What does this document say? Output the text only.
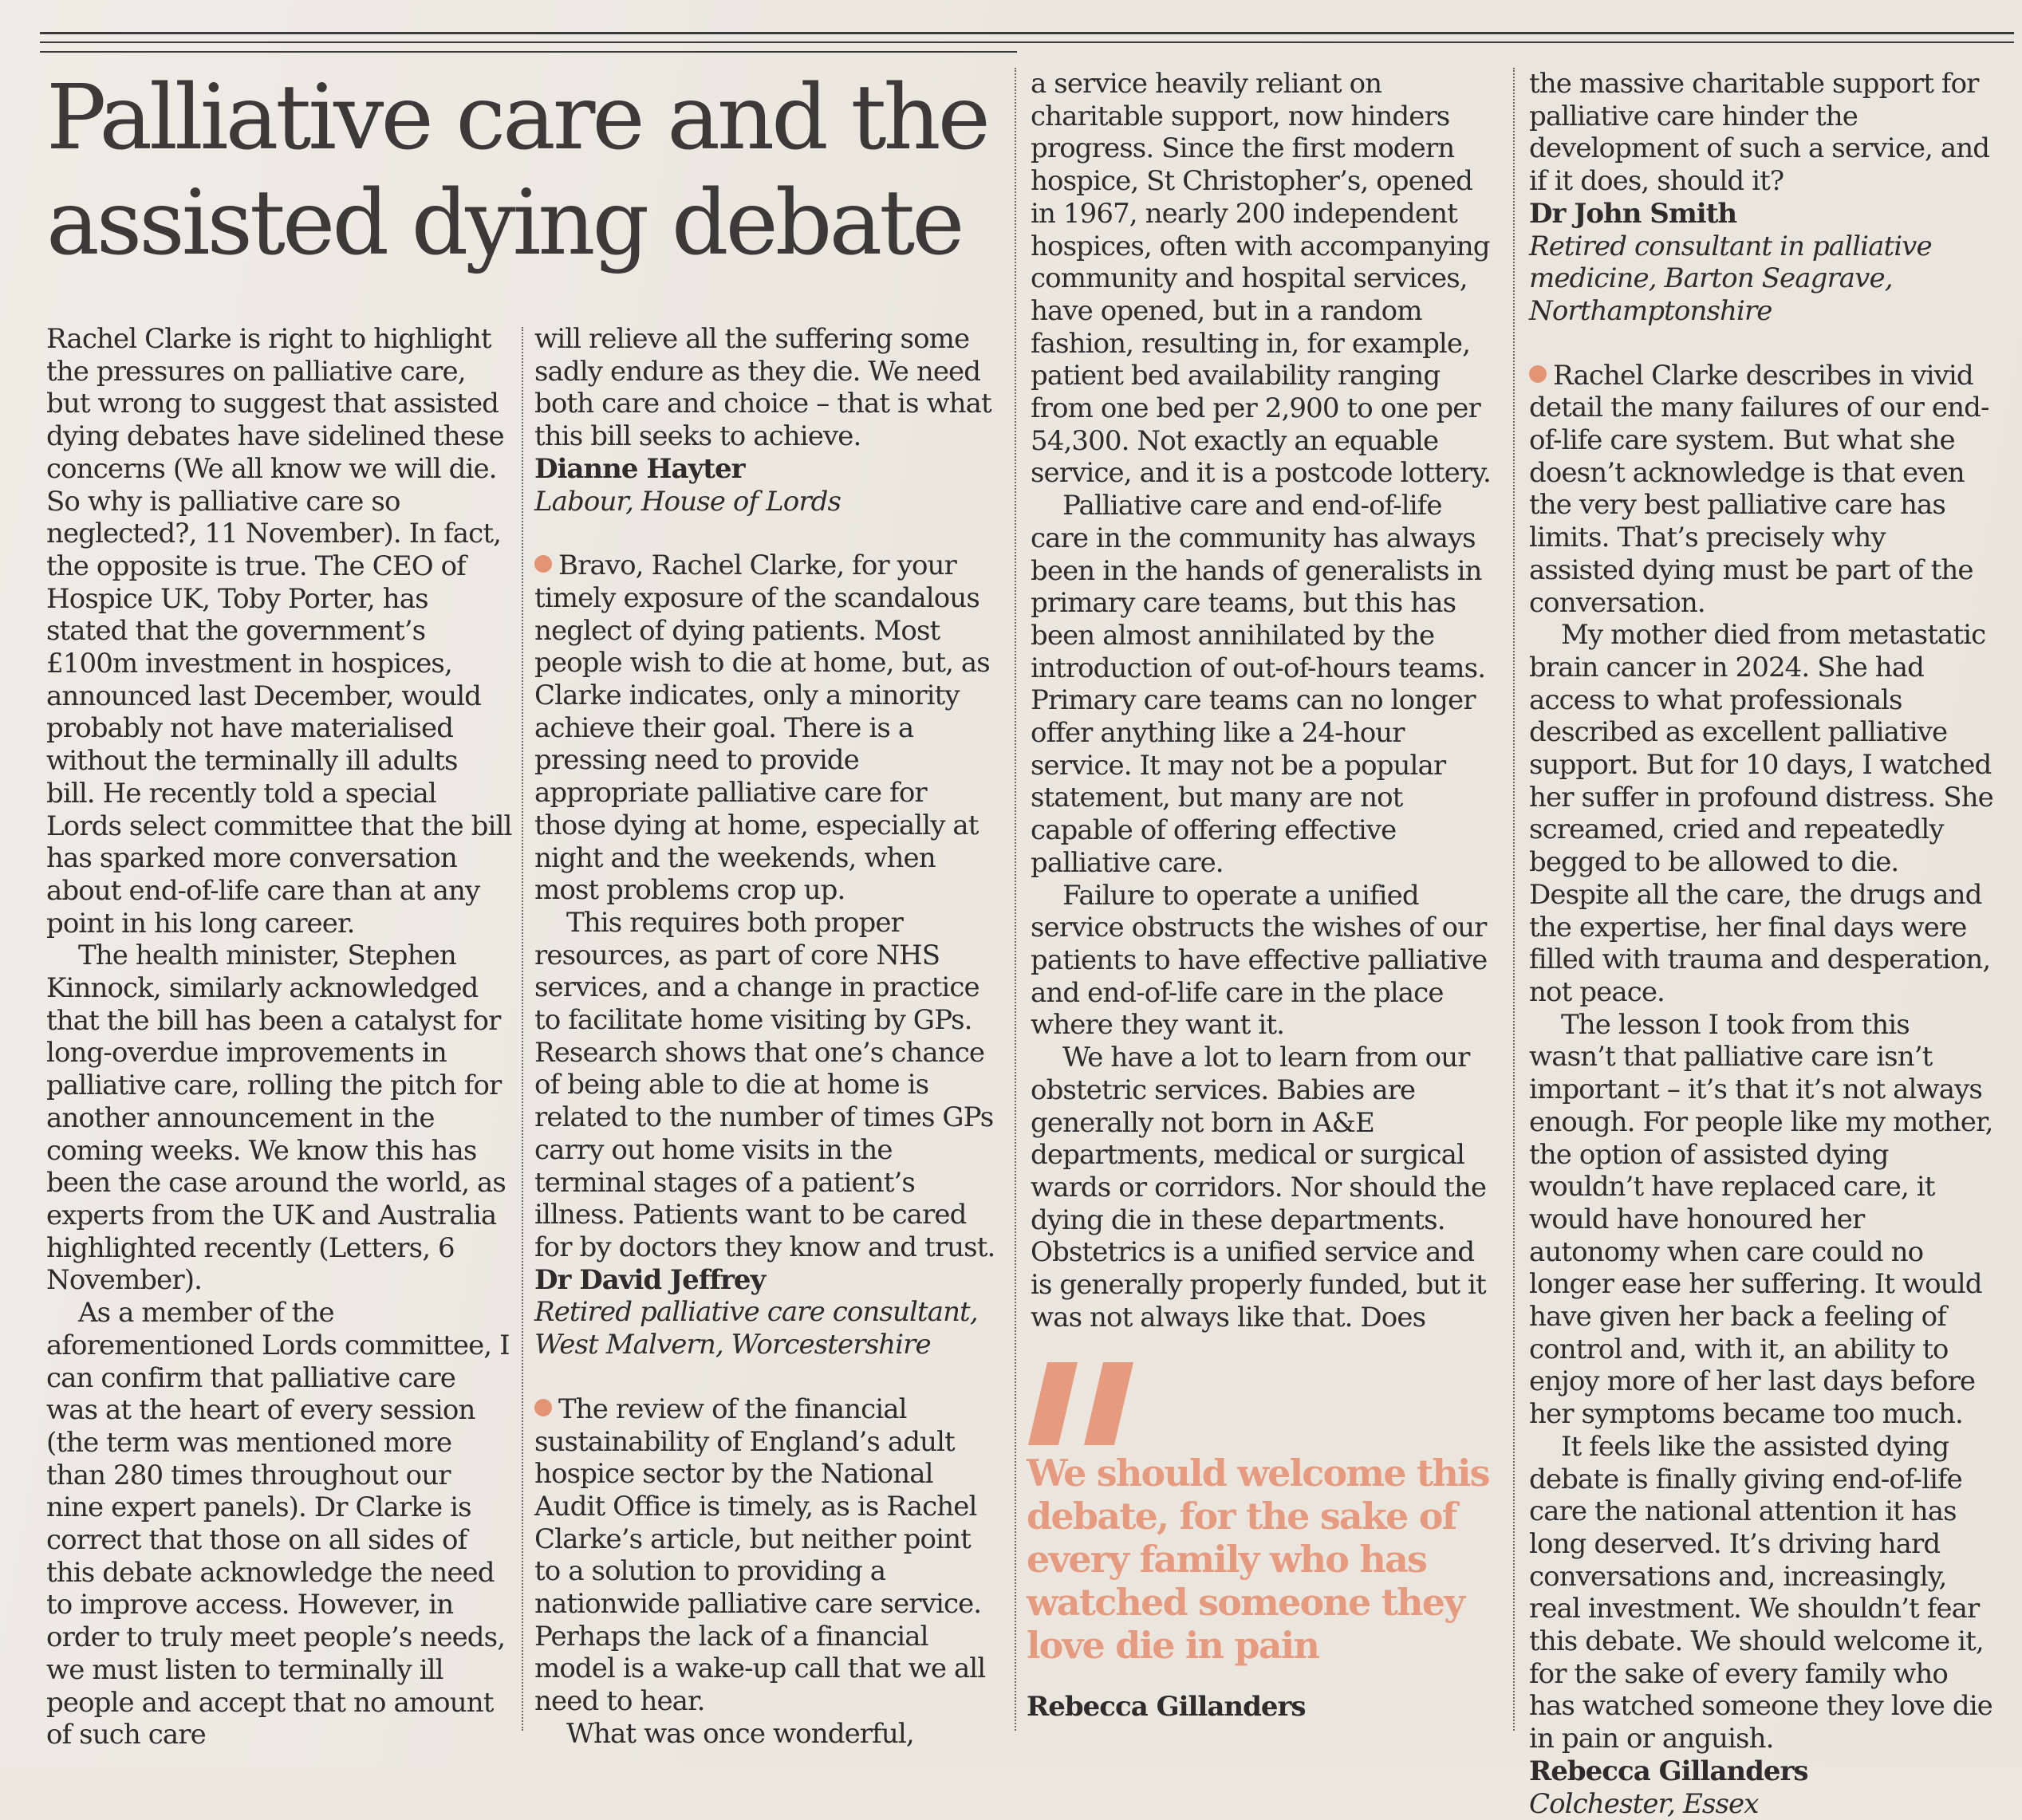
Palliative care and the assisted dying debate

Rachel Clarke is right to highlight the pressures on palliative care, but wrong to suggest that assisted dying debates have sidelined these concerns (We all know we will die. So why is palliative care so neglected?, 11 November). In fact, the opposite is true. The CEO of Hospice UK, Toby Porter, has stated that the government’s £100m investment in hospices, announced last December, would probably not have materialised without the terminally ill adults bill. He recently told a special Lords select committee that the bill has sparked more conversation about end-of-life care than at any point in his long career.

The health minister, Stephen Kinnock, similarly acknowledged that the bill has been a catalyst for long-overdue improvements in palliative care, rolling the pitch for another announcement in the coming weeks. We know this has been the case around the world, as experts from the UK and Australia highlighted recently (Letters, 6 November).

As a member of the aforementioned Lords committee, I can confirm that palliative care was at the heart of every session (the term was mentioned more than 280 times throughout our nine expert panels). Dr Clarke is correct that those on all sides of this debate acknowledge the need to improve access. However, in order to truly meet people’s needs, we must listen to terminally ill people and accept that no amount of such care

will relieve all the suffering some sadly endure as they die. We need both care and choice – that is what this bill seeks to achieve.

Dianne Hayter

Labour, House of Lords

Bravo, Rachel Clarke, for your timely exposure of the scandalous neglect of dying patients. Most people wish to die at home, but, as Clarke indicates, only a minority achieve their goal. There is a pressing need to provide appropriate palliative care for those dying at home, especially at night and the weekends, when most problems crop up.

This requires both proper resources, as part of core NHS services, and a change in practice to facilitate home visiting by GPs. Research shows that one’s chance of being able to die at home is related to the number of times GPs carry out home visits in the terminal stages of a patient’s illness. Patients want to be cared for by doctors they know and trust.

Dr David Jeffrey

Retired palliative care consultant,

West Malvern, Worcestershire

The review of the financial sustainability of England’s adult hospice sector by the National Audit Office is timely, as is Rachel Clarke’s article, but neither point to a solution to providing a nationwide palliative care service. Perhaps the lack of a financial model is a wake-up call that we all need to hear.

What was once wonderful,

a service heavily reliant on charitable support, now hinders progress. Since the first modern hospice, St Christopher’s, opened in 1967, nearly 200 independent hospices, often with accompanying community and hospital services, have opened, but in a random fashion, resulting in, for example, patient bed availability ranging from one bed per 2,900 to one per 54,300. Not exactly an equable service, and it is a postcode lottery.

Palliative care and end-of-life care in the community has always been in the hands of generalists in primary care teams, but this has been almost annihilated by the introduction of out-of-hours teams. Primary care teams can no longer offer anything like a 24-hour service. It may not be a popular statement, but many are not capable of offering effective palliative care.

Failure to operate a unified service obstructs the wishes of our patients to have effective palliative and end-of-life care in the place where they want it.

We have a lot to learn from our obstetric services. Babies are generally not born in A&E departments, medical or surgical wards or corridors. Nor should the dying die in these departments. Obstetrics is a unified service and is generally properly funded, but it was not always like that. Does

We should welcome this debate, for the sake of every family who has watched someone they love die in pain

Rebecca Gillanders

the massive charitable support for palliative care hinder the development of such a service, and if it does, should it?

Dr John Smith

Retired consultant in palliative

medicine, Barton Seagrave,

Northamptonshire

Rachel Clarke describes in vivid detail the many failures of our end-of-life care system. But what she doesn’t acknowledge is that even the very best palliative care has limits. That’s precisely why assisted dying must be part of the conversation.

My mother died from metastatic brain cancer in 2024. She had access to what professionals described as excellent palliative support. But for 10 days, I watched her suffer in profound distress. She screamed, cried and repeatedly begged to be allowed to die. Despite all the care, the drugs and the expertise, her final days were filled with trauma and desperation, not peace.

The lesson I took from this wasn’t that palliative care isn’t important – it’s that it’s not always enough. For people like my mother, the option of assisted dying wouldn’t have replaced care, it would have honoured her autonomy when care could no longer ease her suffering. It would have given her back a feeling of control and, with it, an ability to enjoy more of her last days before her symptoms became too much.

It feels like the assisted dying debate is finally giving end-of-life care the national attention it has long deserved. It’s driving hard conversations and, increasingly, real investment. We shouldn’t fear this debate. We should welcome it, for the sake of every family who has watched someone they love die in pain or anguish.

Rebecca Gillanders

Colchester, Essex
